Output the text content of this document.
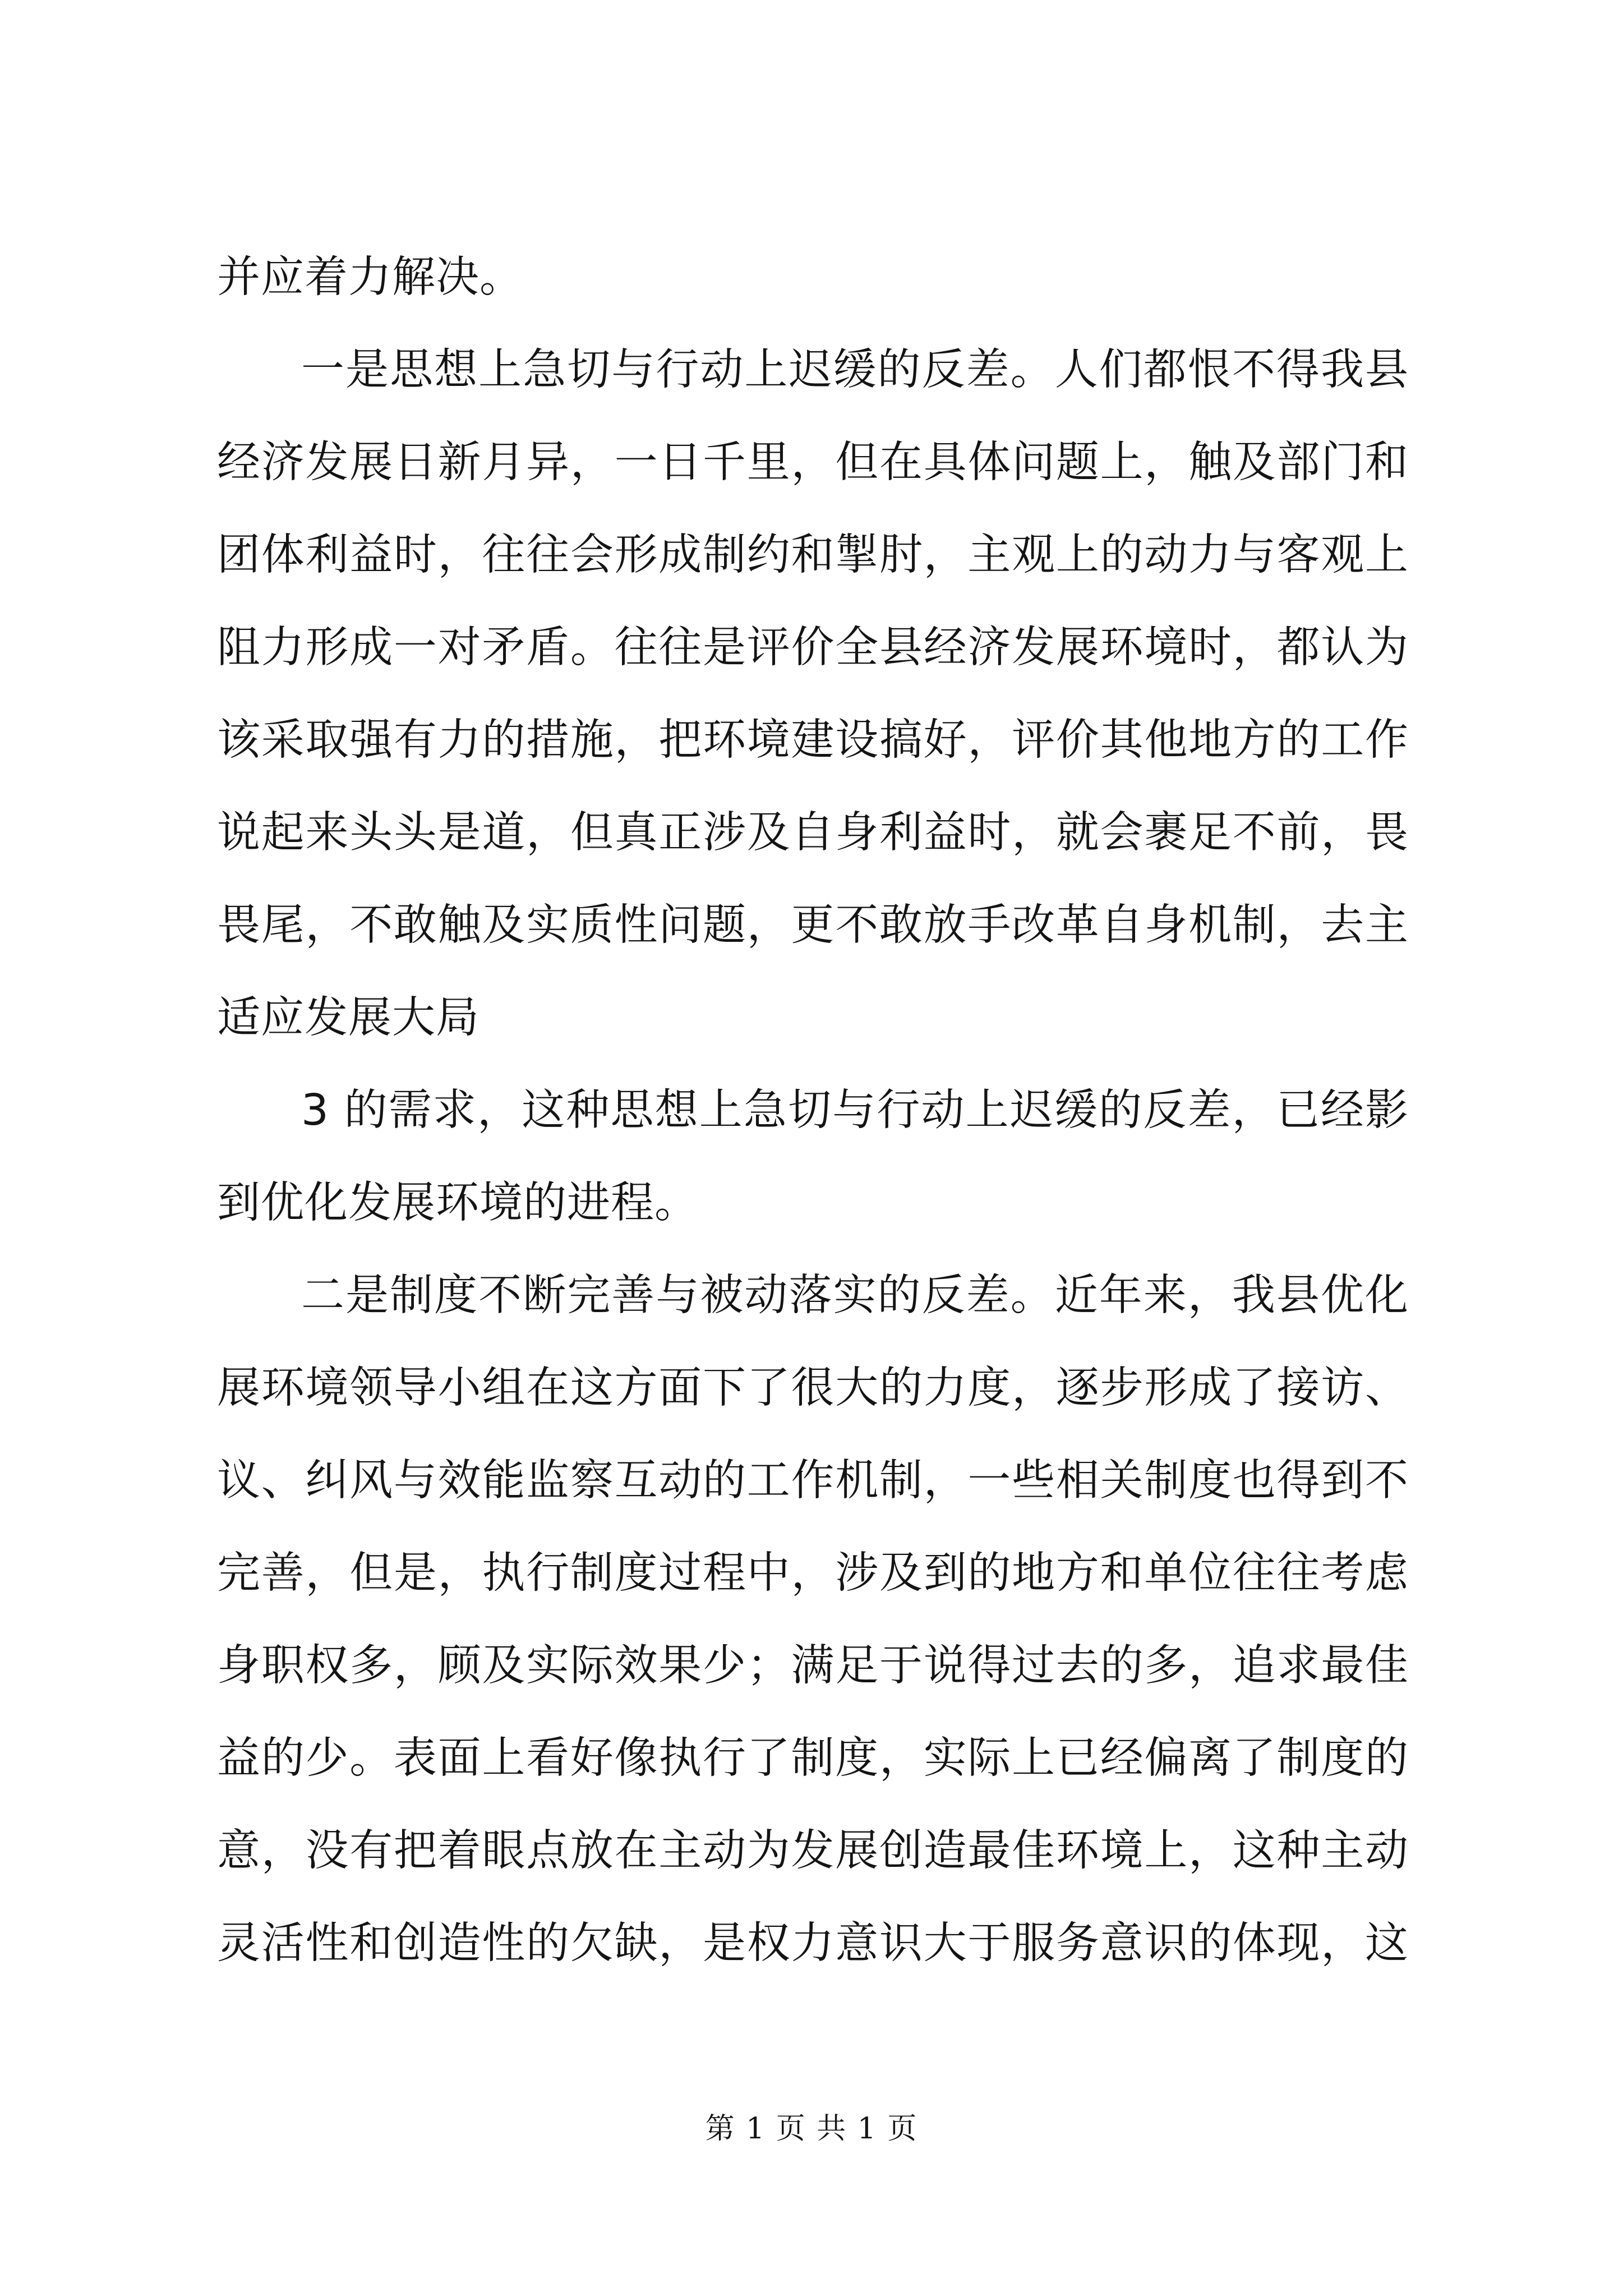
并应着力解决。
一是思想上急切与行动上迟缓的反差。人们都恨不得我县
经济发展日新月异，一日千里，但在具体问题上，触及部门和
团体利益时，往往会形成制约和掣肘，主观上的动力与客观上
阻力形成一对矛盾。往往是评价全县经济发展环境时，都认为
该采取强有力的措施，把环境建设搞好，评价其他地方的工作
说起来头头是道，但真正涉及自身利益时，就会裹足不前，畏
畏尾，不敢触及实质性问题，更不敢放手改革自身机制，去主
适应发展大局
3 的需求，这种思想上急切与行动上迟缓的反差，已经影
到优化发展环境的进程。
二是制度不断完善与被动落实的反差。近年来，我县优化
展环境领导小组在这方面下了很大的力度，逐步形成了接访、
议、纠风与效能监察互动的工作机制，一些相关制度也得到不
完善，但是，执行制度过程中，涉及到的地方和单位往往考虑
身职权多，顾及实际效果少；满足于说得过去的多，追求最佳
益的少。表面上看好像执行了制度，实际上已经偏离了制度的
意，没有把着眼点放在主动为发展创造最佳环境上，这种主动
灵活性和创造性的欠缺，是权力意识大于服务意识的体现，这
第 1 页 共 1 页
